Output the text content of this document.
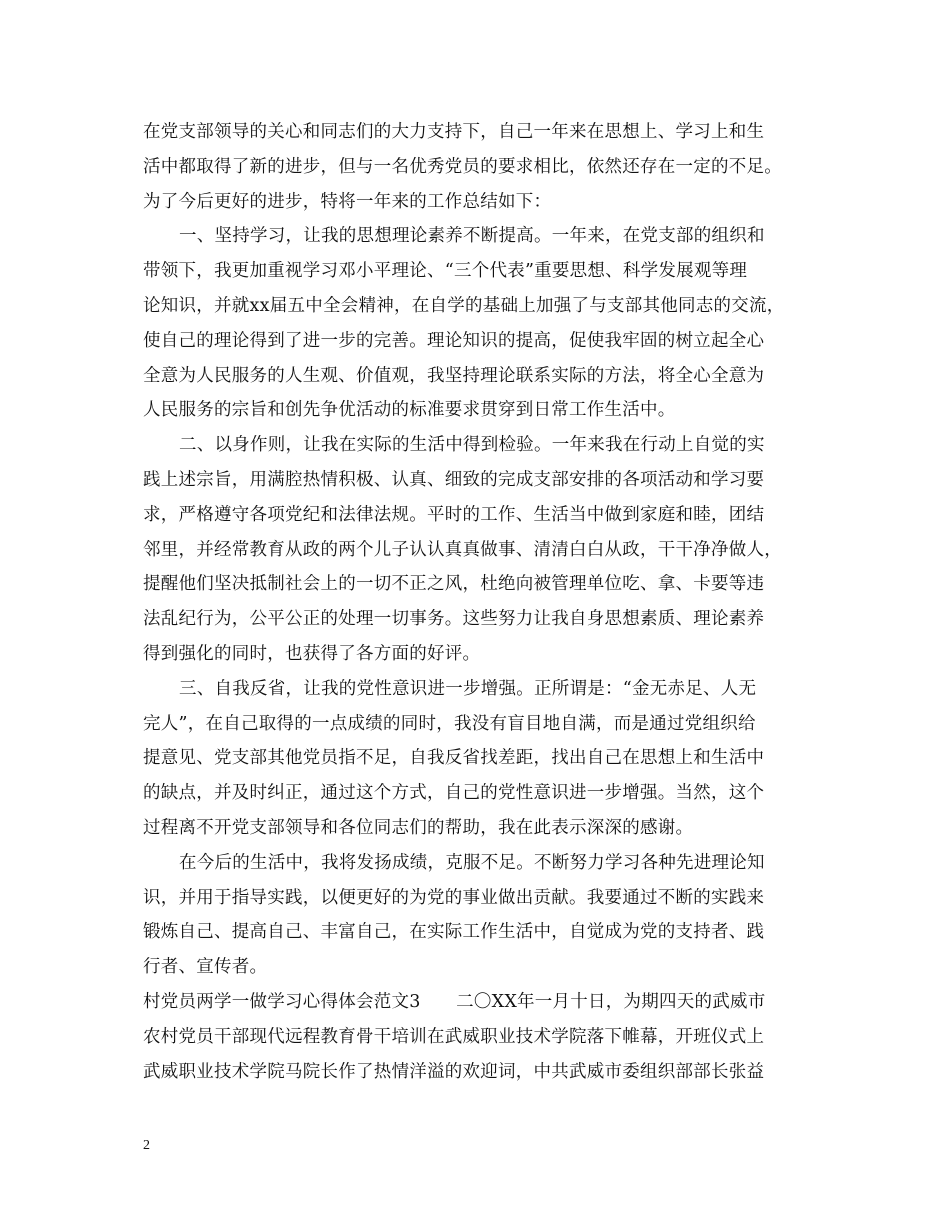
在党支部领导的关心和同志们的大力支持下，自己一年来在思想上、学习上和生
活中都取得了新的进步，但与一名优秀党员的要求相比，依然还存在一定的不足。
为了今后更好的进步，特将一年来的工作总结如下：
一、坚持学习，让我的思想理论素养不断提高。一年来，在党支部的组织和
带领下，我更加重视学习邓小平理论、“三个代表”重要思想、科学发展观等理
论知识，并就xx届五中全会精神，在自学的基础上加强了与支部其他同志的交流，
使自己的理论得到了进一步的完善。理论知识的提高，促使我牢固的树立起全心
全意为人民服务的人生观、价值观，我坚持理论联系实际的方法，将全心全意为
人民服务的宗旨和创先争优活动的标准要求贯穿到日常工作生活中。
二、以身作则，让我在实际的生活中得到检验。一年来我在行动上自觉的实
践上述宗旨，用满腔热情积极、认真、细致的完成支部安排的各项活动和学习要
求，严格遵守各项党纪和法律法规。平时的工作、生活当中做到家庭和睦，团结
邻里，并经常教育从政的两个儿子认认真真做事、清清白白从政，干干净净做人，
提醒他们坚决抵制社会上的一切不正之风，杜绝向被管理单位吃、拿、卡要等违
法乱纪行为，公平公正的处理一切事务。这些努力让我自身思想素质、理论素养
得到强化的同时，也获得了各方面的好评。
三、自我反省，让我的党性意识进一步增强。正所谓是：“金无赤足、人无
完人”，在自己取得的一点成绩的同时，我没有盲目地自满，而是通过党组织给
提意见、党支部其他党员指不足，自我反省找差距，找出自己在思想上和生活中
的缺点，并及时纠正，通过这个方式，自己的党性意识进一步增强。当然，这个
过程离不开党支部领导和各位同志们的帮助，我在此表示深深的感谢。
在今后的生活中，我将发扬成绩，克服不足。不断努力学习各种先进理论知
识，并用于指导实践，以便更好的为党的事业做出贡献。我要通过不断的实践来
锻炼自己、提高自己、丰富自己，在实际工作生活中，自觉成为党的支持者、践
行者、宣传者。
村党员两学一做学习心得体会范文3　　二〇XX年一月十日，为期四天的武威市
农村党员干部现代远程教育骨干培训在武威职业技术学院落下帷幕，开班仪式上
武威职业技术学院马院长作了热情洋溢的欢迎词，中共武威市委组织部部长张益
2
